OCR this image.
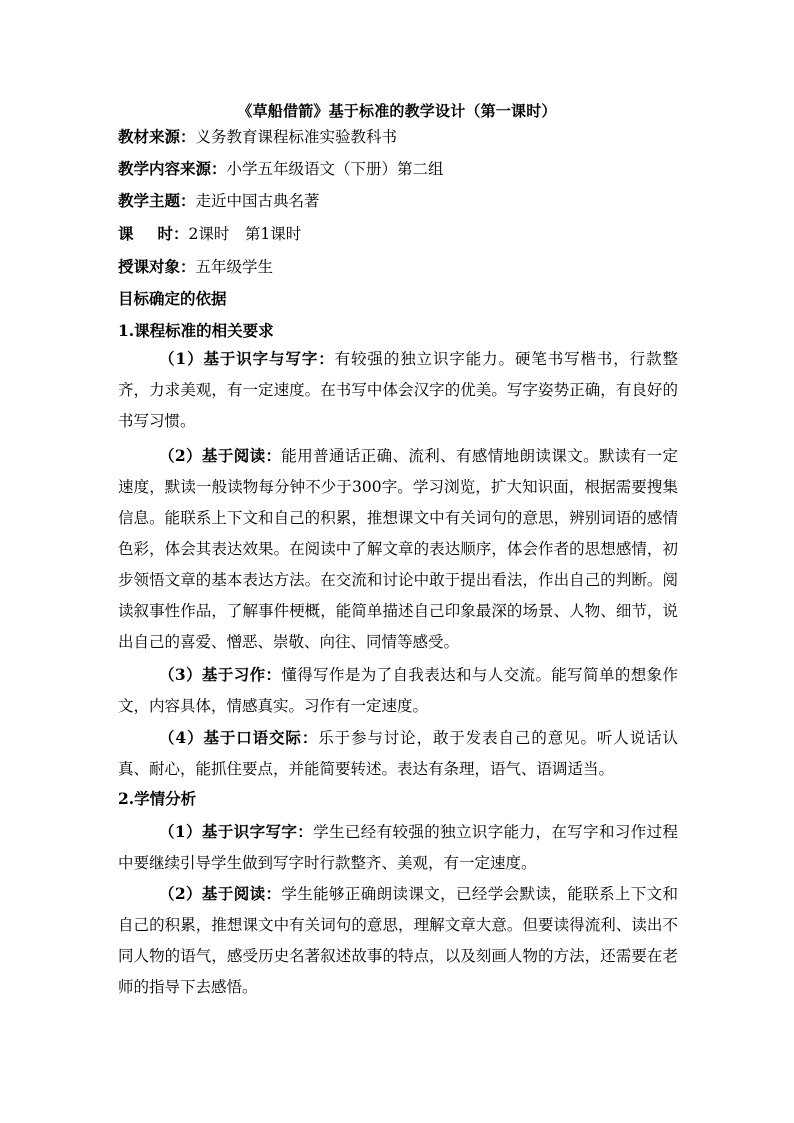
《草船借箭》基于标准的教学设计（第一课时）
教材来源：义务教育课程标准实验教科书
教学内容来源：小学五年级语文（下册）第二组
教学主题：走近中国古典名著
课 时：2课时　第1课时
授课对象：五年级学生
目标确定的依据
1.课程标准的相关要求
（1）基于识字与写字：有较强的独立识字能力。硬笔书写楷书，行款整齐，力求美观，有一定速度。在书写中体会汉字的优美。写字姿势正确，有良好的书写习惯。
（2）基于阅读：能用普通话正确、流利、有感情地朗读课文。默读有一定速度，默读一般读物每分钟不少于300字。学习浏览，扩大知识面，根据需要搜集信息。能联系上下文和自己的积累，推想课文中有关词句的意思，辨别词语的感情色彩，体会其表达效果。在阅读中了解文章的表达顺序，体会作者的思想感情，初步领悟文章的基本表达方法。在交流和讨论中敢于提出看法，作出自己的判断。阅读叙事性作品，了解事件梗概，能简单描述自己印象最深的场景、人物、细节，说出自己的喜爱、憎恶、崇敬、向往、同情等感受。
（3）基于习作：懂得写作是为了自我表达和与人交流。能写简单的想象作文，内容具体，情感真实。习作有一定速度。
（4）基于口语交际：乐于参与讨论，敢于发表自己的意见。听人说话认真、耐心，能抓住要点，并能简要转述。表达有条理，语气、语调适当。
2.学情分析
（1）基于识字写字：学生已经有较强的独立识字能力，在写字和习作过程中要继续引导学生做到写字时行款整齐、美观，有一定速度。
（2）基于阅读：学生能够正确朗读课文，已经学会默读，能联系上下文和自己的积累，推想课文中有关词句的意思，理解文章大意。但要读得流利、读出不同人物的语气，感受历史名著叙述故事的特点，以及刻画人物的方法，还需要在老师的指导下去感悟。
